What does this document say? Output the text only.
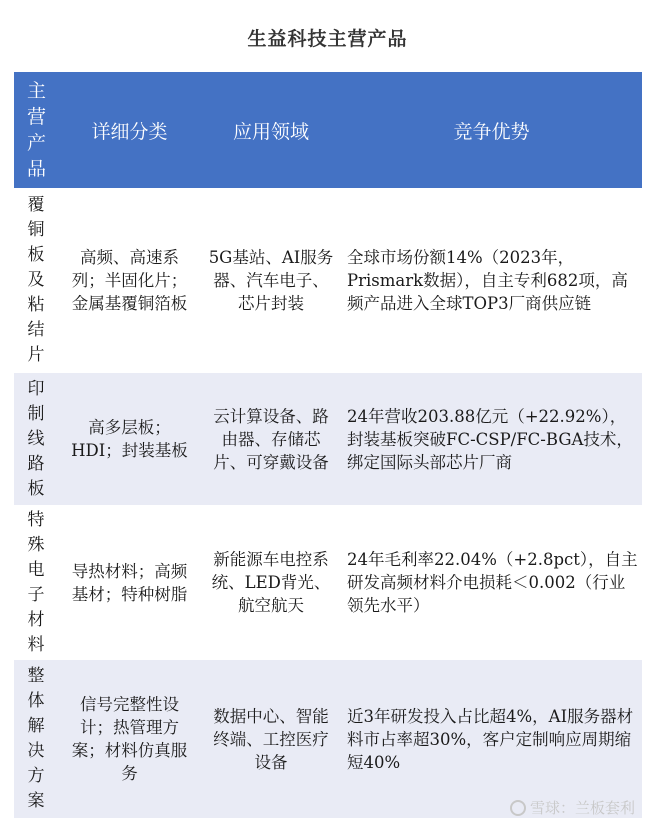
生益科技主营产品
主营产品	详细分类	应用领域	竞争优势
覆铜板及粘结片	高频、高速系列；半固化片；金属基覆铜箔板	5G基站、AI服务器、汽车电子、芯片封装	全球市场份额14%（2023年，Prismark数据），自主专利682项，高频产品进入全球TOP3厂商供应链
印制线路板	高多层板；HDI；封装基板	云计算设备、路由器、存储芯片、可穿戴设备	24年营收203.88亿元（+22.92%），封装基板突破FC-CSP/FC-BGA技术，绑定国际头部芯片厂商
特殊电子材料	导热材料；高频基材；特种树脂	新能源车电控系统、LED背光、航空航天	24年毛利率22.04%（+2.8pct），自主研发高频材料介电损耗＜0.002（行业领先水平）
整体解决方案	信号完整性设计；热管理方案；材料仿真服务	数据中心、智能终端、工控医疗设备	近3年研发投入占比超4%，AI服务器材料市占率超30%，客户定制响应周期缩短40%
雪球：兰板套利
